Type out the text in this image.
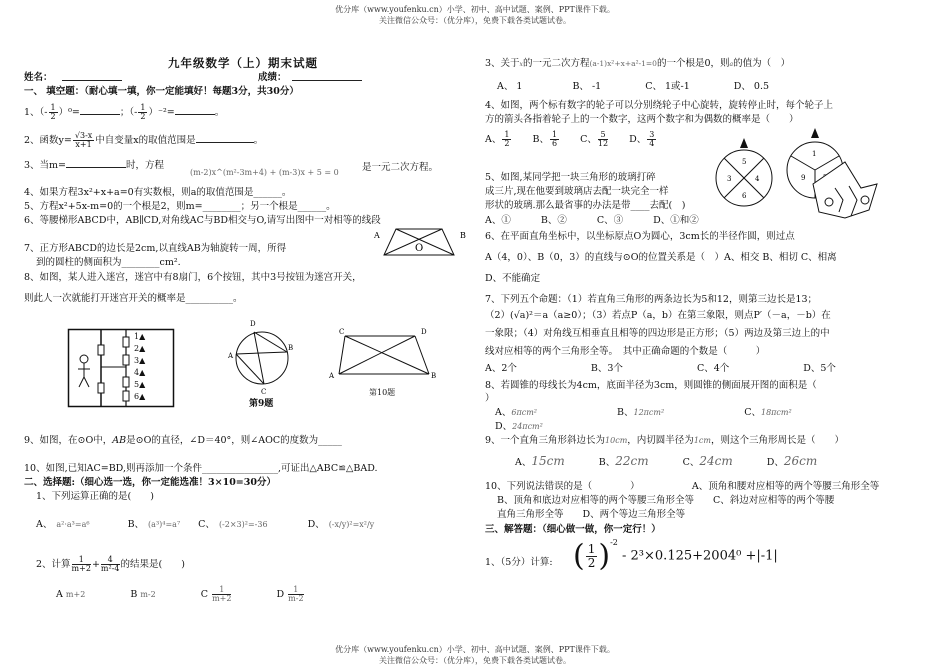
优分库（www.youfenku.cn）小学、初中、高中试题、案例、PPT课件下载。
关注微信公众号：（优分库），免费下载各类试题试卷。
优分库（www.youfenku.cn）小学、初中、高中试题、案例、PPT课件下载。
关注微信公众号：（优分库），免费下载各类试题试卷。
九年级数学（上）期末试题
姓名：	成绩：
一、 填空题：（耐心填一填，你一定能填好！每题3分，共30分）
1、（- $\frac{1}{2} )^0=$	；（- $\frac{1}{2} )^{-2}=$	。
2、函数$y= \frac{√3-x}{x+1}$ 中自变量x的取值范围是	。
3、当m=	时，方程
(m-2)x^(m²-3m+4) + (m-3)x + 5 = 0 是一元二次方程。
4、如果方程3x²+x+a=0有实数根，则a的取值范围是______。
5、方程x²+5x-m=0的一个根是2，则m=________；另一个根是______。
6、等腰梯形ABCD中，AB∥CD,对角线AC与BD相交与O,请写出图中一对相等的线段
A	B
O
7、正方形ABCD的边长是2cm,以直线AB为轴旋转一周，所得
到的圆柱的侧面积为________cm².
8、如图，某人进入迷宫，迷宫中有8扇门，6个按钮，其中3号按钮为迷宫开关，
则此人一次就能打开迷宫开关的概率是__________。
1▲
2▲
3▲
4▲
5▲
6▲
D
B
A
C
第9题
C	D
A	B
第10题
9、如图，在⊙O中，AB是⊙O的直径，∠D＝40°，则∠AOC的度数为_____
10、如图,已知AC=BD,则再添加一个条件________________,可证出△ABC≌△BAD.
二、选择题:（细心选一选，你一定能选准！3×10=30分）
1、下列运算正确的是(　　)
A、 a²·a³=a⁶	B、 (a³)⁴=a⁷ C、 (-2×3)²=-36	D、 (-x/y)²=x²/y
2、计算 $\frac{1}{m+2} + \frac{4}{\text{m²-4}}$ 的结果是(　　)
A m+2	B m-2	C $\frac{1}{m+2}$	D $\frac{1}{m-2}$
3、关于x的一元二次方程(a-1)x²+x+a²-1=0的一个根是0，则a的值为（　）
A、 1	B、 -1	C、 1或-1	D、 0.5
4、如图，两个标有数字的轮子可以分别绕轮子中心旋转，旋转停止时，每个轮子上
方的箭头各指着轮子上的一个数字，这两个数字和为偶数的概率是（　　）
A、 $\frac{1}{2}$ B、 $\frac{1}{6}$ C、 $\frac{5}{12}$ D、 $\frac{3}{4}$
5
4
6
3
1
9
5、如图,某同学把一块三角形的玻璃打碎
成三片,现在他要到玻璃店去配一块完全一样
形状的玻璃.那么最省事的办法是带____去配(　)
A、①	B、②	C、③	D、①和②
6、在平面直角坐标中，以坐标原点O为圆心，3cm长的半径作圆，则过点
A（4，0）、B（0，3）的直线与⊙O的位置关系是（　）A、相交 B、相切 C、相离
D、不能确定
7、下列五个命题：（1）若直角三角形的两条边长为5和12，则第三边长是13；
（2）(√a)²＝a（a≥0）；（3）若点P（a，b）在第三象限，则点P′（－a，－b）在
一象限；（4）对角线互相垂直且相等的四边形是正方形；（5）两边及第三边上的中
线对应相等的两个三角形全等。　其中正确命题的个数是（　　　）
A、2个	B、3个	C、4个	D、5个
8、若圆锥的母线长为4cm，底面半径为3cm，则圆锥的侧面展开图的面积是（
）
A、6πcm²	B、12πcm²	C、18πcm²
D、24πcm²
9、一个直角三角形斜边长为10cm，内切圆半径为1cm，则这个三角形周长是（　　）
A、15cm	B、22cm	C、24cm	D、26cm
10、下列说法错误的是（　　　　）　　　　　　A、顶角和腰对应相等的两个等腰三角形全等
B、顶角和底边对应相等的两个等腰三角形全等　　C、斜边对应相等的两个等腰
直角三角形全等　　D、两个等边三角形全等
三、解答题：（细心做一做，你一定行！）
1、（5分）计算: ( $\frac{1}{2} )^{-2} - 2^3\times 0.125+2004^0 +|-1|$
